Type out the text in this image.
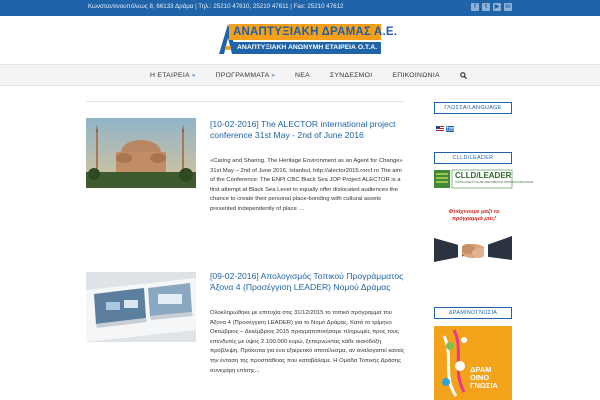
Κωνσταντινουπόλεως 8, 66133 Δράμα | Τηλ.: 25210 47610, 25210 47611 | Fax: 25210 47612	f	t	▶ in
ΑΝΑΠΤΥΞΙΑΚΗ ΔΡΑΜΑΣ Α.Ε.
ΑΝΑΠΤΥΞΙΑΚΗ ΑΝΩΝΥΜΗ ΕΤΑΙΡΕΙΑ Ο.Τ.Α.
Η ΕΤΑΙΡΕΙΑ »	ΠΡΟΓΡΑΜΜΑΤΑ »	ΝΕΑ	ΣΥΝΔΕΣΜΟΙ	ΕΠΙΚΟΙΝΩΝΙΑ
[10-02-2016] The ALECTOR international project conference 31st May - 2nd of June 2016
«Caring and Sharing. The Heritage Environment as an Agent for Change» 31st May – 2nd of June 2016, Istanbul, http://alector2015.rorcf.ro The aim of the Conference: The ENPI CBC Black Sea JOP Project ALECTOR is a first attempt at Black Sea Level to equally offer dislocated audiences the chance to create their personal place-bonding with cultural assets presented independently of place …
[09-02-2016] Απολογισμός Τοπικού Προγράμματος Άξονα 4 (Προσέγγιση LEADER) Νομού Δράμας
Ολοκληρώθηκε με επιτυχία στις 31/12/2015 το τοπικό πρόγραμμα του Άξονα 4 (Προσέγγιση LEADER) για το Νομό Δράμας. Κατά το τρίμηνο Οκτώβριος – Δεκέμβριος 2015 πραγματοποιήσαμε πληρωμές προς τους επενδυτές με ύψος 2.100.000 ευρώ, ξεπερνώντας κάθε αισιόδοξη πρόβλεψη. Πρόκειται για ένα εξαιρετικό αποτέλεσμα, αν αναλογιστεί κανείς την ένταση της προσπάθειας που καταβάλαμε. Η Ομάδα Τοπικής Δράσης συνεχάρη επίσης...
ΓΛΩΣΣΑ/LANGUAGE
CLLD/LEADER
CLLD/LEADER
ΤΟΠΙΚΗ ΑΝΑΠΤΥΞΗ ΜΕ ΠΡΩΤΟΒΟΥΛΙΑ ΤΟΠΙΚΩΝ ΚΟΙΝΟΤΗΤΩΝ
Φτιάχνουμε μαζί το πρόγραμμά μας!
ΔΡΑΜΙΝΟΓΝΩΣΙΑ
ΔΡΑΜ ΟΙΝΟ ΓΝΩΣΙΑ
